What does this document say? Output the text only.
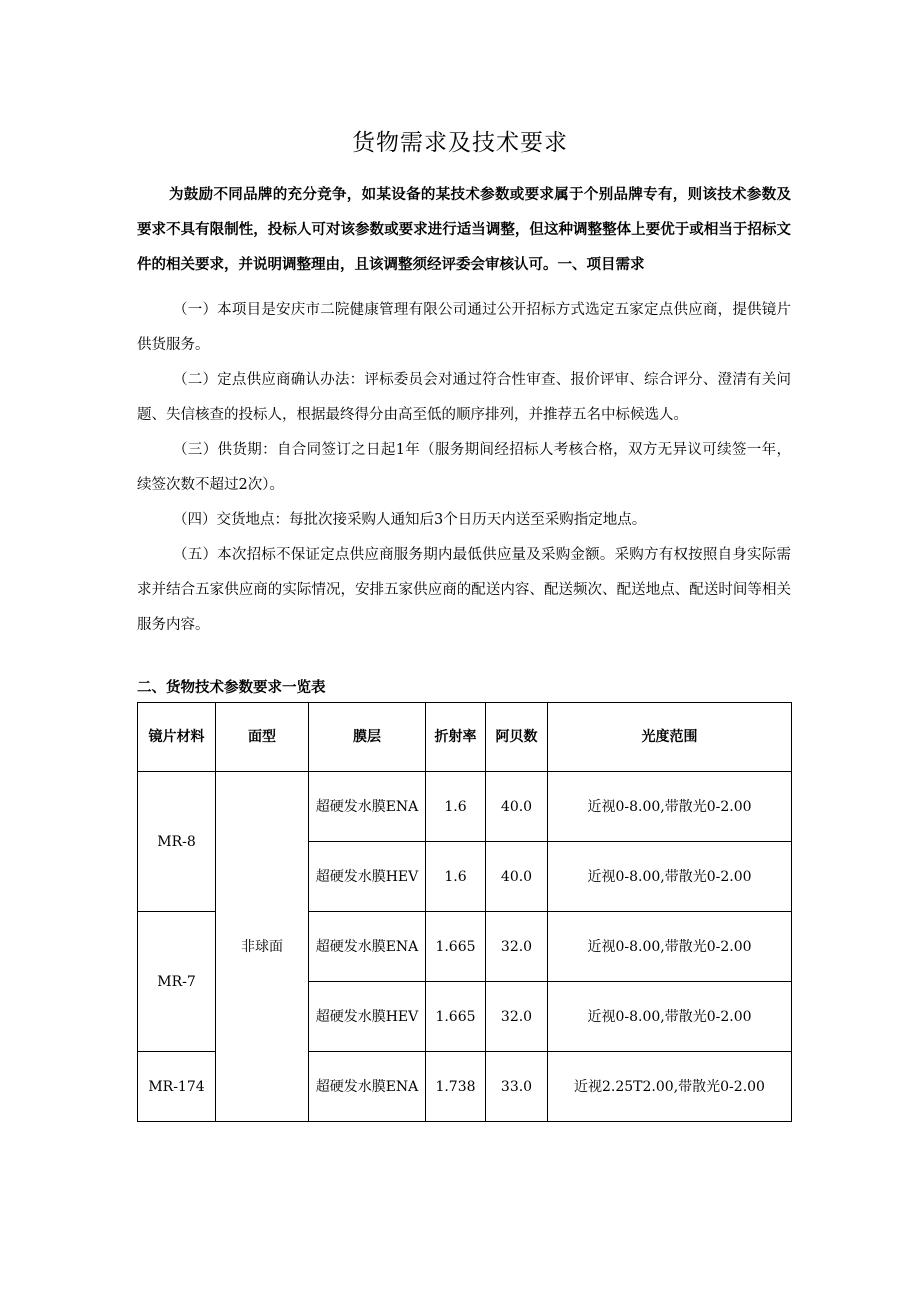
货物需求及技术要求
为鼓励不同品牌的充分竞争，如某设备的某技术参数或要求属于个别品牌专有，则该技术参数及要求不具有限制性，投标人可对该参数或要求进行适当调整，但这种调整整体上要优于或相当于招标文件的相关要求，并说明调整理由，且该调整须经评委会审核认可。一、项目需求
（一）本项目是安庆市二院健康管理有限公司通过公开招标方式选定五家定点供应商，提供镜片供货服务。
（二）定点供应商确认办法：评标委员会对通过符合性审查、报价评审、综合评分、澄清有关问题、失信核查的投标人，根据最终得分由高至低的顺序排列，并推荐五名中标候选人。
（三）供货期：自合同签订之日起1年（服务期间经招标人考核合格，双方无异议可续签一年，续签次数不超过2次）。
（四）交货地点：每批次接采购人通知后3个日历天内送至采购指定地点。
（五）本次招标不保证定点供应商服务期内最低供应量及采购金额。采购方有权按照自身实际需求并结合五家供应商的实际情况，安排五家供应商的配送内容、配送频次、配送地点、配送时间等相关服务内容。
二、货物技术参数要求一览表
镜片材料	面型	膜层	折射率	阿贝数	光度范围
MR-8	非球面	超硬发水膜ENA	1.6	40.0	近视0-8.00,带散光0-2.00
		超硬发水膜HEV	1.6	40.0	近视0-8.00,带散光0-2.00
MR-7		超硬发水膜ENA	1.665	32.0	近视0-8.00,带散光0-2.00
		超硬发水膜HEV	1.665	32.0	近视0-8.00,带散光0-2.00
MR-174		超硬发水膜ENA	1.738	33.0	近视2.25T2.00,带散光0-2.00
